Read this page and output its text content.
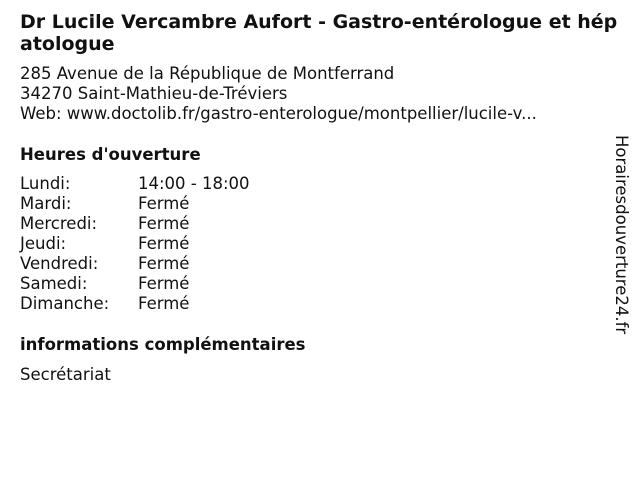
Dr Lucile Vercambre Aufort - Gastro-entérologue et hépatologue
285 Avenue de la République de Montferrand
34270 Saint-Mathieu-de-Tréviers
Web: www.doctolib.fr/gastro-enterologue/montpellier/lucile-v...
Heures d'ouverture
Lundi:	14:00 - 18:00
Mardi:	Fermé
Mercredi: Fermé
Jeudi:	Fermé
Vendredi: Fermé
Samedi:	Fermé
Dimanche: Fermé
informations complémentaires
Secrétariat
Horairesdouverture24.fr
